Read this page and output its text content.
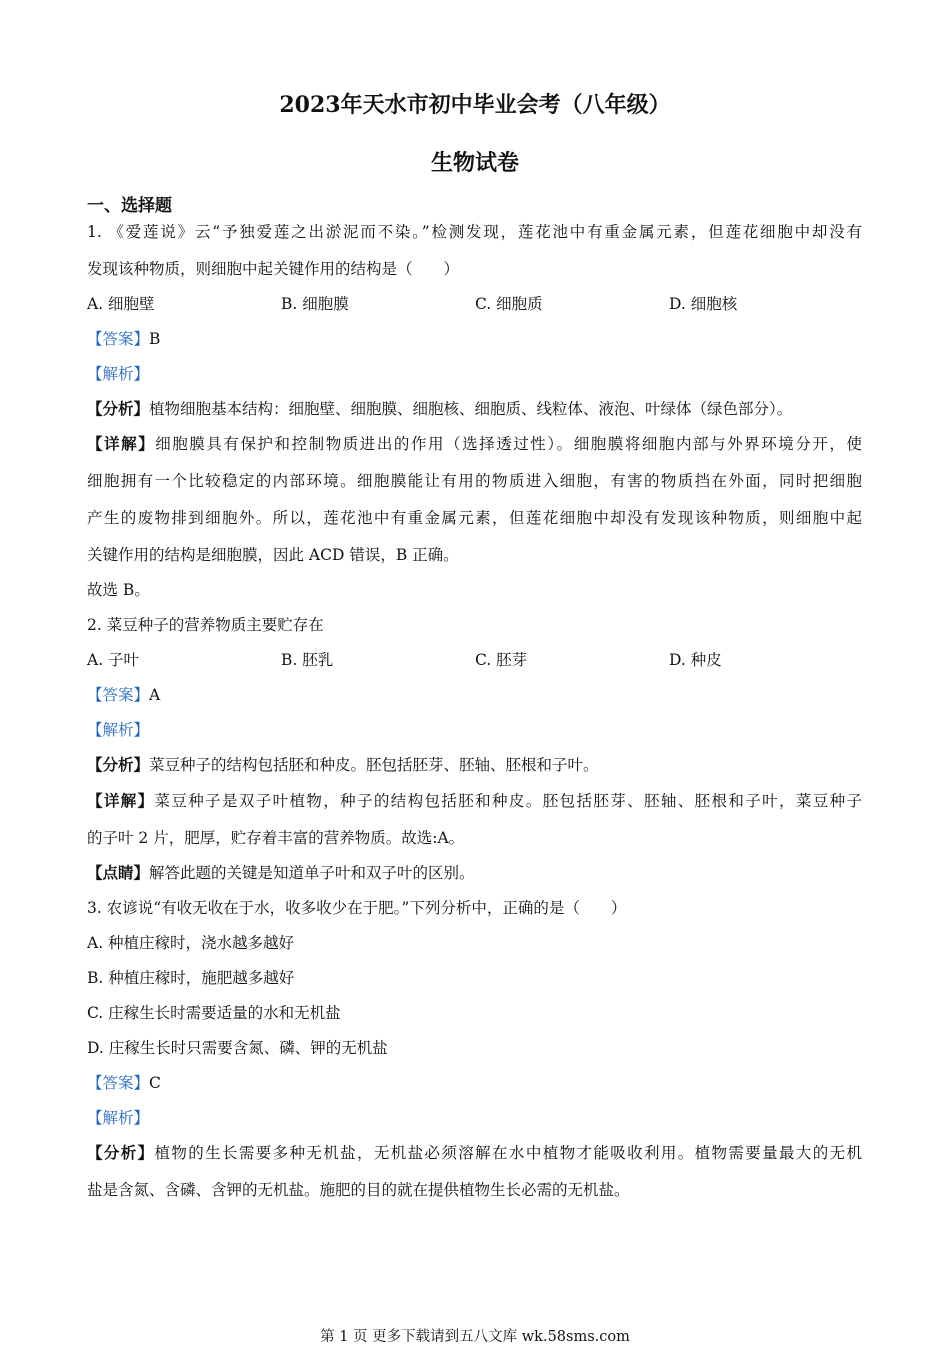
2023年天水市初中毕业会考（八年级）
生物试卷
一、选择题
1. 《爱莲说》云“予独爱莲之出淤泥而不染。”检测发现，莲花池中有重金属元素，但莲花细胞中却没有
发现该种物质，则细胞中起关键作用的结构是（　　）
A. 细胞壁	B. 细胞膜	C. 细胞质	D. 细胞核
【答案】B
【解析】
【分析】植物细胞基本结构：细胞壁、细胞膜、细胞核、细胞质、线粒体、液泡、叶绿体（绿色部分）。
【详解】细胞膜具有保护和控制物质进出的作用（选择透过性）。细胞膜将细胞内部与外界环境分开，使
细胞拥有一个比较稳定的内部环境。细胞膜能让有用的物质进入细胞，有害的物质挡在外面，同时把细胞
产生的废物排到细胞外。所以，莲花池中有重金属元素，但莲花细胞中却没有发现该种物质，则细胞中起
关键作用的结构是细胞膜，因此 ACD 错误，B 正确。
故选 B。
2. 菜豆种子的营养物质主要贮存在
A. 子叶	B. 胚乳	C. 胚芽	D. 种皮
【答案】A
【解析】
【分析】菜豆种子的结构包括胚和种皮。胚包括胚芽、胚轴、胚根和子叶。
【详解】菜豆种子是双子叶植物，种子的结构包括胚和种皮。胚包括胚芽、胚轴、胚根和子叶，菜豆种子
的子叶 2 片，肥厚，贮存着丰富的营养物质。故选:A。
【点睛】解答此题的关键是知道单子叶和双子叶的区别。
3. 农谚说“有收无收在于水，收多收少在于肥。”下列分析中，正确的是（　　）
A. 种植庄稼时，浇水越多越好
B. 种植庄稼时，施肥越多越好
C. 庄稼生长时需要适量的水和无机盐
D. 庄稼生长时只需要含氮、磷、钾的无机盐
【答案】C
【解析】
【分析】植物的生长需要多种无机盐，无机盐必须溶解在水中植物才能吸收利用。植物需要量最大的无机
盐是含氮、含磷、含钾的无机盐。施肥的目的就在提供植物生长必需的无机盐。
第 1 页 更多下载请到五八文库 wk.58sms.com
